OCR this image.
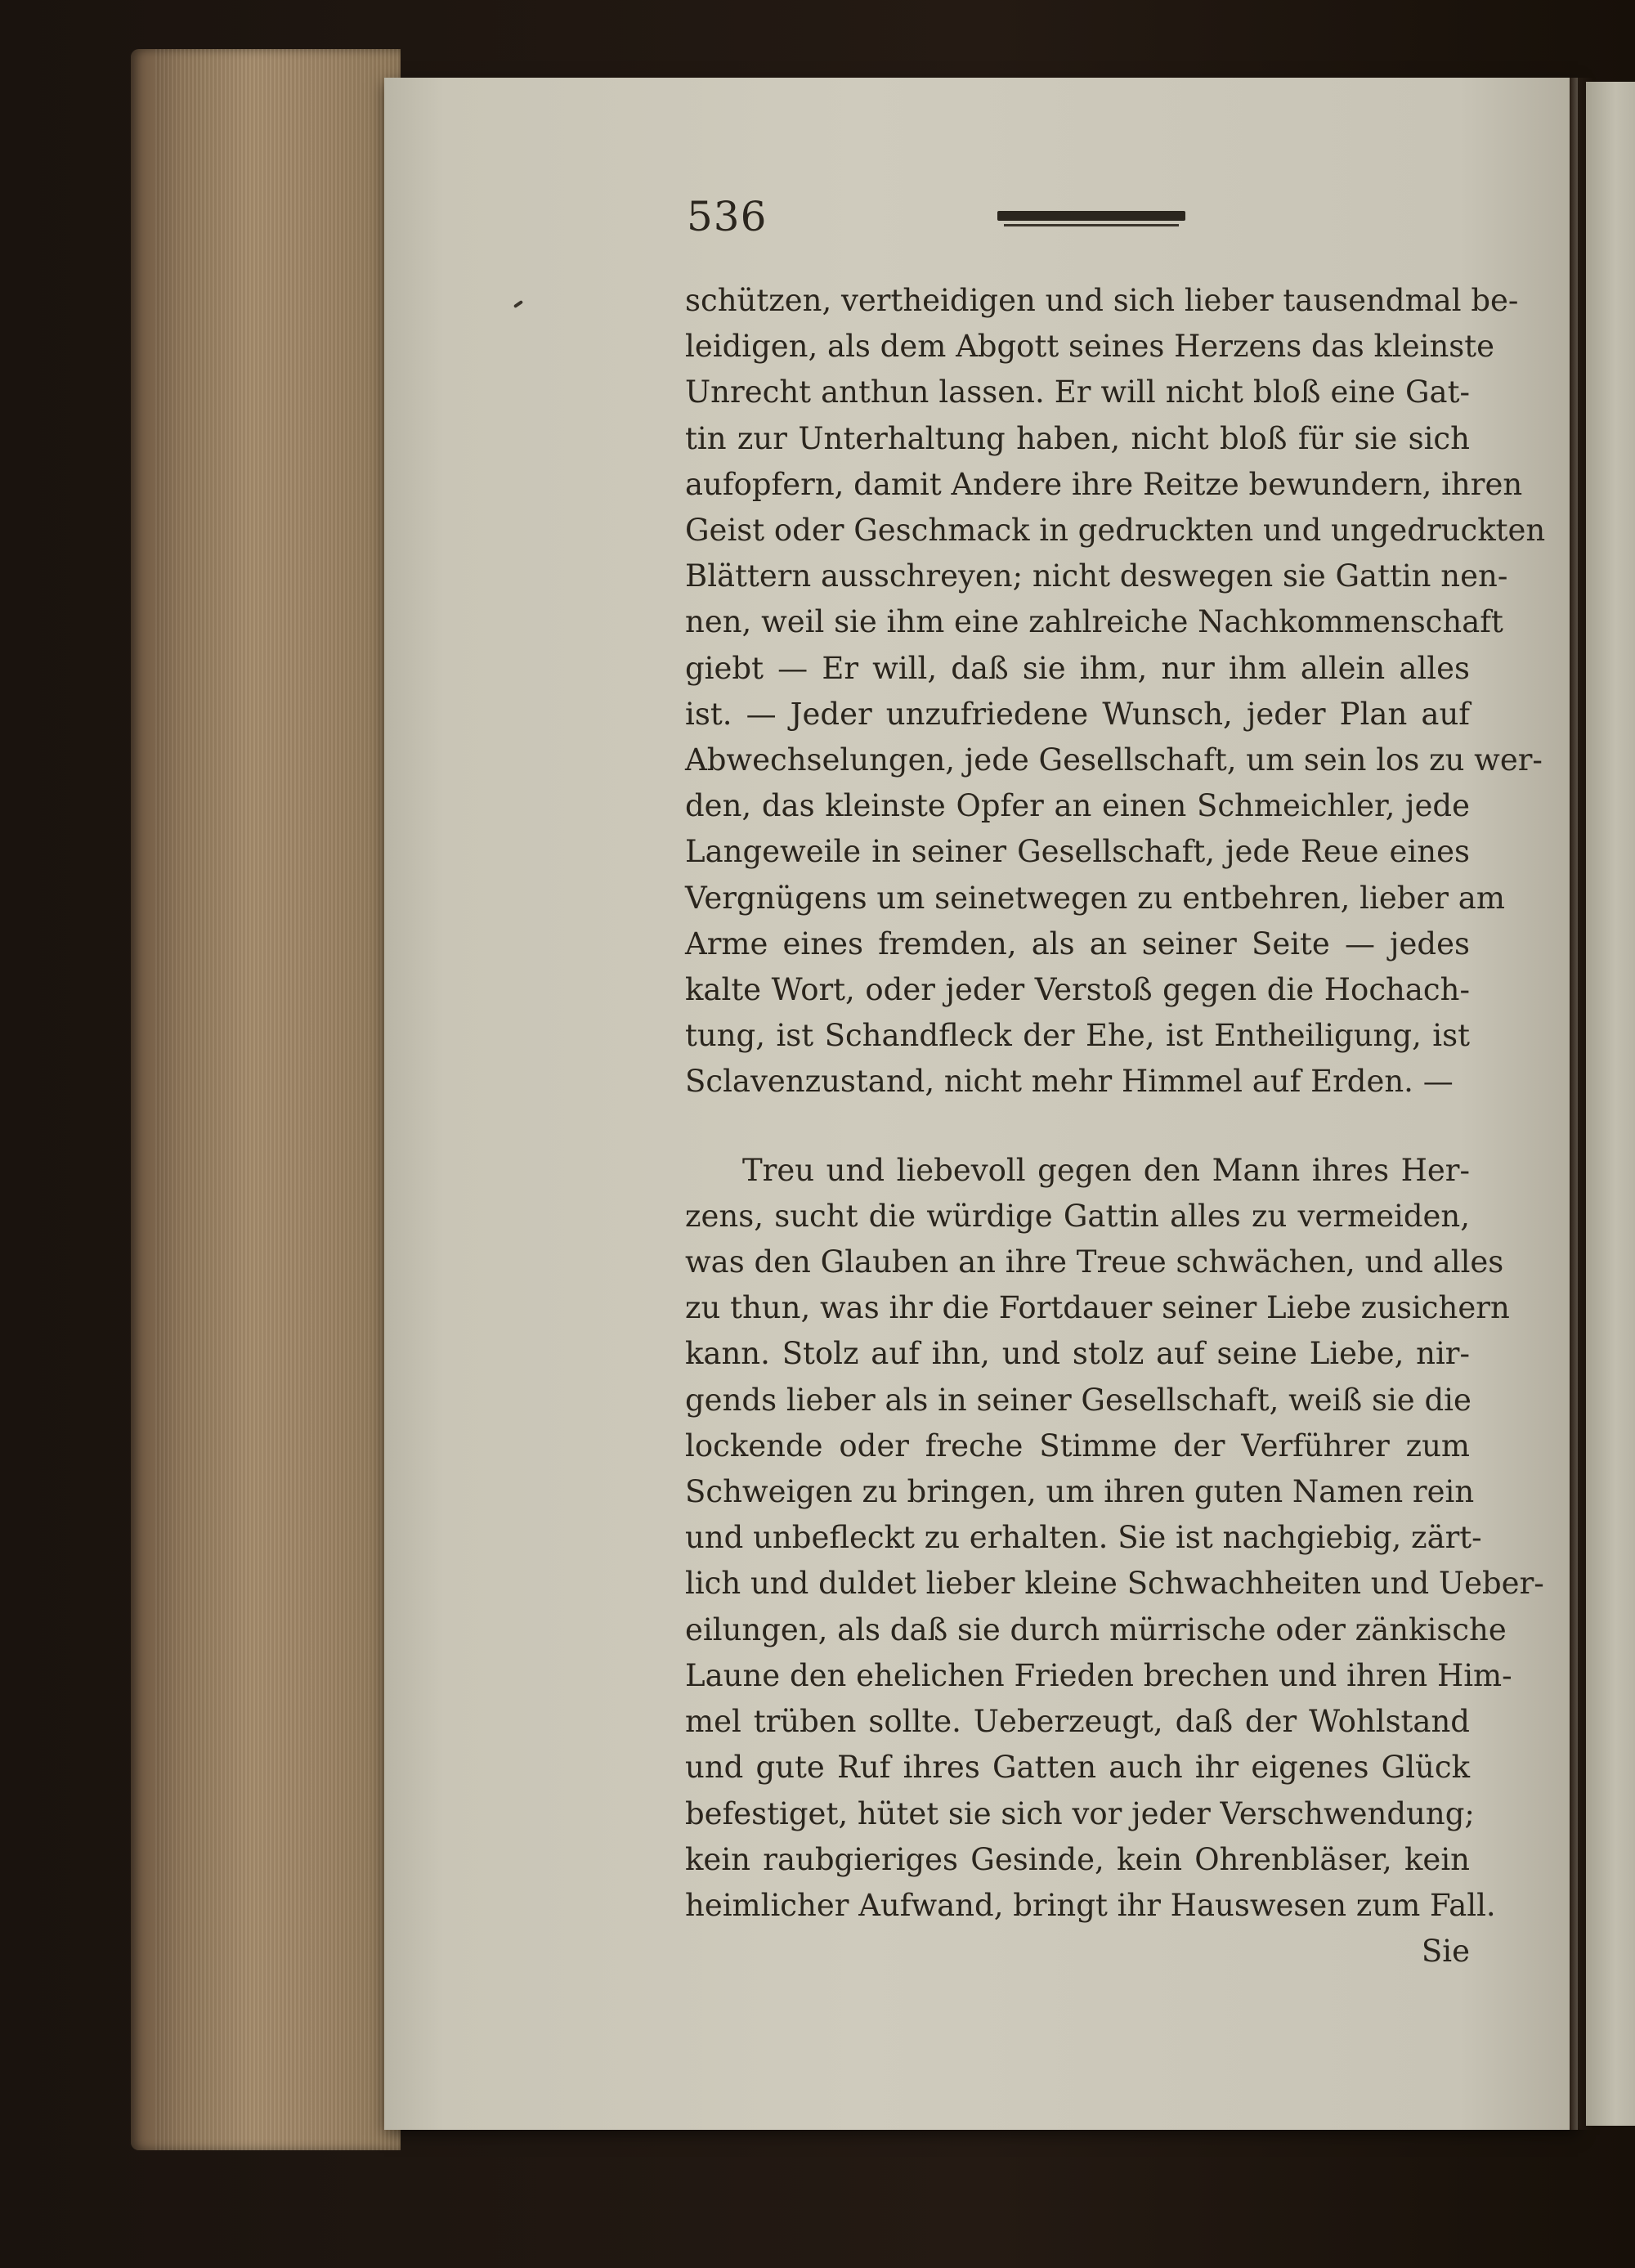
536
schützen, vertheidigen und sich lieber tausendmal be-
leidigen, als dem Abgott seines Herzens das kleinste
Unrecht anthun lassen. Er will nicht bloß eine Gat-
tin zur Unterhaltung haben, nicht bloß für sie sich
aufopfern, damit Andere ihre Reitze bewundern, ihren
Geist oder Geschmack in gedruckten und ungedruckten
Blättern ausschreyen; nicht deswegen sie Gattin nen-
nen, weil sie ihm eine zahlreiche Nachkommenschaft
giebt — Er will, daß sie ihm, nur ihm allein alles
ist. — Jeder unzufriedene Wunsch, jeder Plan auf
Abwechselungen, jede Gesellschaft, um sein los zu wer-
den, das kleinste Opfer an einen Schmeichler, jede
Langeweile in seiner Gesellschaft, jede Reue eines
Vergnügens um seinetwegen zu entbehren, lieber am
Arme eines fremden, als an seiner Seite — jedes
kalte Wort, oder jeder Verstoß gegen die Hochach-
tung, ist Schandfleck der Ehe, ist Entheiligung, ist
Sclavenzustand, nicht mehr Himmel auf Erden. —
Treu und liebevoll gegen den Mann ihres Her-
zens, sucht die würdige Gattin alles zu vermeiden,
was den Glauben an ihre Treue schwächen, und alles
zu thun, was ihr die Fortdauer seiner Liebe zusichern
kann. Stolz auf ihn, und stolz auf seine Liebe, nir-
gends lieber als in seiner Gesellschaft, weiß sie die
lockende oder freche Stimme der Verführer zum
Schweigen zu bringen, um ihren guten Namen rein
und unbefleckt zu erhalten. Sie ist nachgiebig, zärt-
lich und duldet lieber kleine Schwachheiten und Ueber-
eilungen, als daß sie durch mürrische oder zänkische
Laune den ehelichen Frieden brechen und ihren Him-
mel trüben sollte. Ueberzeugt, daß der Wohlstand
und gute Ruf ihres Gatten auch ihr eigenes Glück
befestiget, hütet sie sich vor jeder Verschwendung;
kein raubgieriges Gesinde, kein Ohrenbläser, kein
heimlicher Aufwand, bringt ihr Hauswesen zum Fall.
Sie
